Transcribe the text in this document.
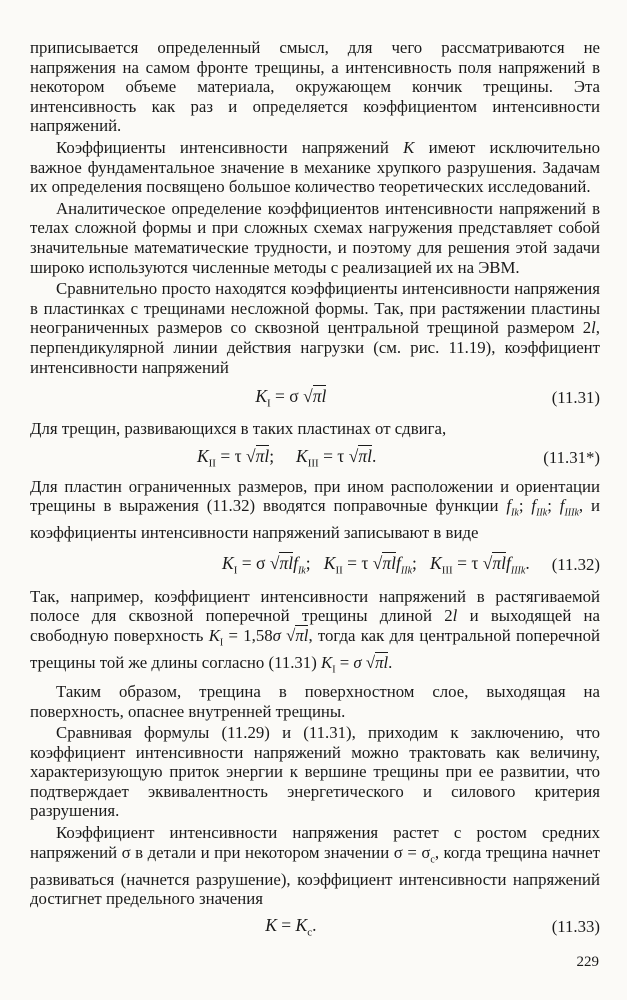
приписывается определенный смысл, для чего рассматриваются не напряжения на самом фронте трещины, а интенсивность поля напряжений в некотором объеме материала, окружающем кончик трещины. Эта интенсивность как раз и определяется коэффициентом интенсивности напряжений.

Коэффициенты интенсивности напряжений K имеют исключительно важное фундаментальное значение в механике хрупкого разрушения. Задачам их определения посвящено большое количество теоретических исследований.

Аналитическое определение коэффициентов интенсивности напряжений в телах сложной формы и при сложных схемах нагружения представляет собой значительные математические трудности, и поэтому для решения этой задачи широко используются численные методы с реализацией их на ЭВМ.

Сравнительно просто находятся коэффициенты интенсивности напряжения в пластинках с трещинами несложной формы. Так, при растяжении пластины неограниченных размеров со сквозной центральной трещиной размером 2l, перпендикулярной линии действия нагрузки (см. рис. 11.19), коэффициент интенсивности напряжений

$K_I = \sigma$ √πl	(11.31)

Для трещин, развивающихся в таких пластинах от сдвига,

$K_{II} = \tau$ √πl; $K_{III} = \tau$ √πl.	(11.31*)

Для пластин ограниченных размеров, при ином расположении и ориентации трещины в выражения (11.32) вводятся поправочные функции $f_{Ik}$; $f_{IIk}$; $f_{IIIk}$, и коэффициенты интенсивности напряжений записывают в виде

$K_I = \sigma$ √πlf$_{Ik}$; $K_{II} = \tau$ √πlf$_{IIk}$; $K_{III} = \tau$ √πlf$_{IIIk}$.	(11.32)

Так, например, коэффициент интенсивности напряжений в растягиваемой полосе для сквозной поперечной трещины длиной 2l и выходящей на свободную поверхность $K_I = 1,58\sigma$ √πl, тогда как для центральной поперечной трещины той же длины согласно (11.31) $K_I = \sigma$ √πl.

Таким образом, трещина в поверхностном слое, выходящая на поверхность, опаснее внутренней трещины.

Сравнивая формулы (11.29) и (11.31), приходим к заключению, что коэффициент интенсивности напряжений можно трактовать как величину, характеризующую приток энергии к вершине трещины при ее развитии, что подтверждает эквивалентность энергетического и силового критерия разрушения.

Коэффициент интенсивности напряжения растет с ростом средних напряжений σ в детали и при некотором значении $\sigma = \sigma_c$, когда трещина начнет развиваться (начнется разрушение), коэффициент интенсивности напряжений достигнет предельного значения

$K = K_c$.	(11.33)
229
